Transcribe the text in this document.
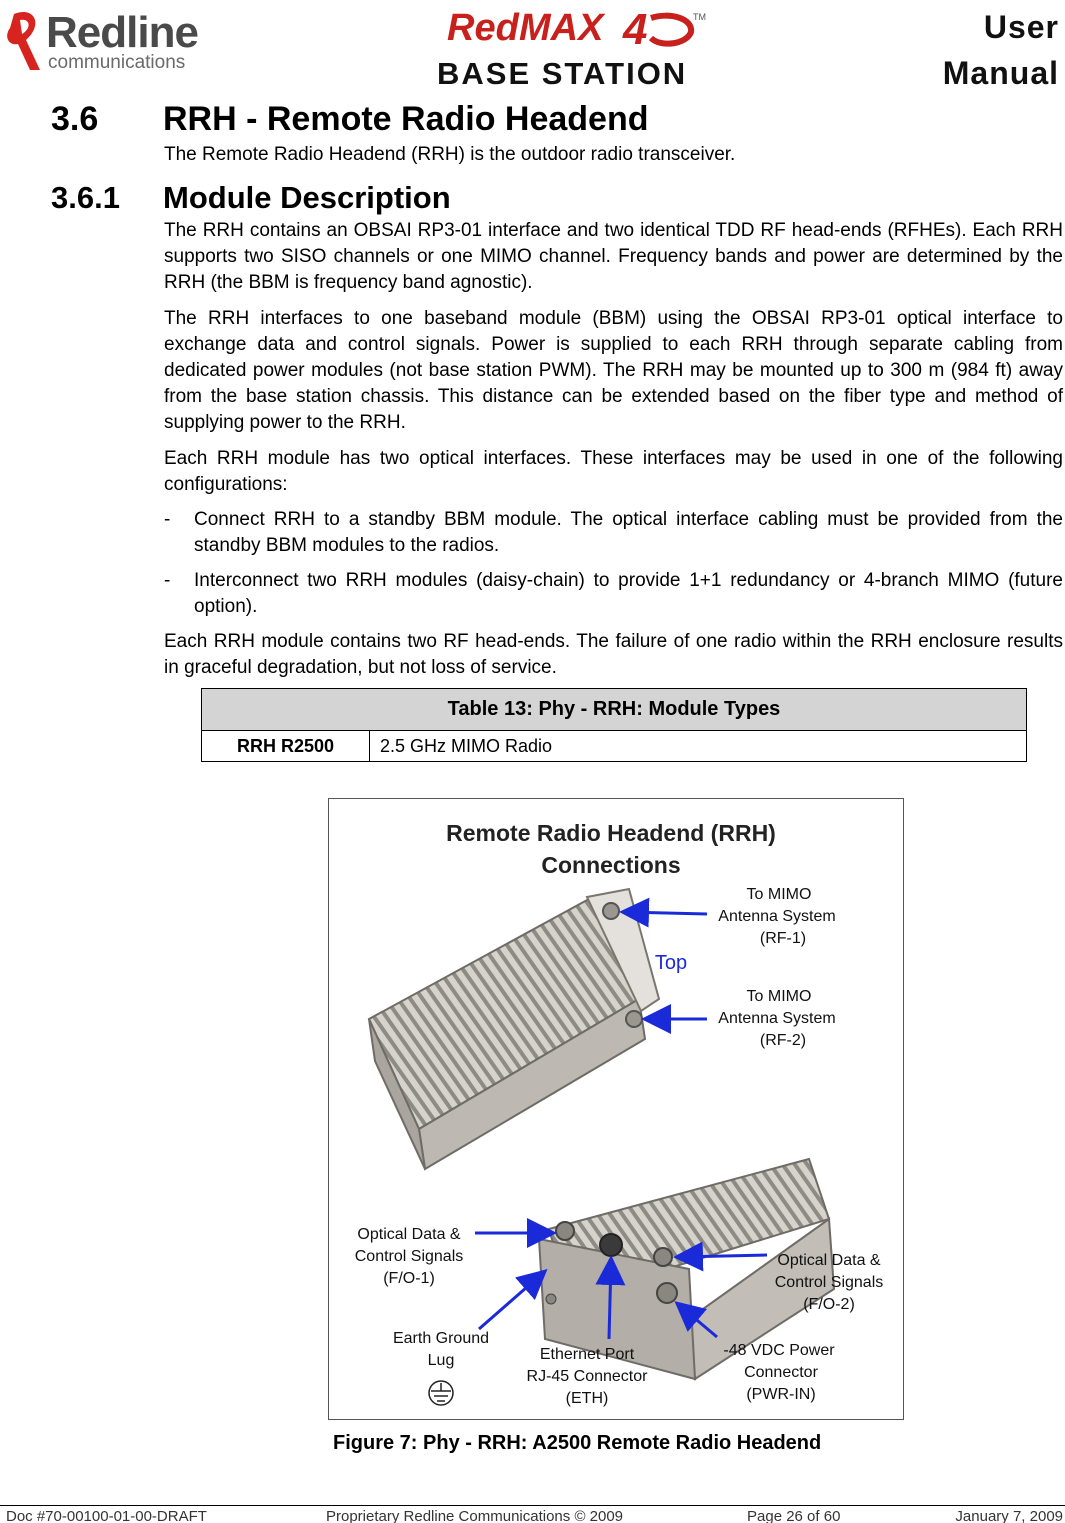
Redline
communications
Red MAX 4	TM
BASE STATION
User
Manual
3.6 RRH - Remote Radio Headend
The Remote Radio Headend (RRH) is the outdoor radio transceiver.
3.6.1 Module Description
The RRH contains an OBSAI RP3-01 interface and two identical TDD RF head-ends (RFHEs). Each RRH supports two SISO channels or one MIMO channel. Frequency bands and power are determined by the RRH (the BBM is frequency band agnostic).
The RRH interfaces to one baseband module (BBM) using the OBSAI RP3-01 optical interface to exchange data and control signals. Power is supplied to each RRH through separate cabling from dedicated power modules (not base station PWM). The RRH may be mounted up to 300 m (984 ft) away from the base station chassis. This distance can be extended based on the fiber type and method of supplying power to the RRH.
Each RRH module has two optical interfaces. These interfaces may be used in one of the following configurations:
- Connect RRH to a standby BBM module. The optical interface cabling must be provided from the standby BBM modules to the radios.
- Interconnect two RRH modules (daisy-chain) to provide 1+1 redundancy or 4-branch MIMO (future option).
Each RRH module contains two RF head-ends. The failure of one radio within the RRH enclosure results in graceful degradation, but not loss of service.
Table 13: Phy - RRH: Module Types
RRH R2500	2.5 GHz MIMO Radio
Remote Radio Headend (RRH)
Connections
To MIMO
Antenna System
(RF-1)
Top
To MIMO
Antenna System
(RF-2)
Optical Data &
Control Signals
(F/O-1)
Optical Data &
Control Signals
(F/O-2)
Earth Ground
Lug	Ethernet Port
RJ-45 Connector
(ETH)
-48 VDC Power
Connector
(PWR-IN)
Figure 7: Phy - RRH: A2500 Remote Radio Headend
Doc #70-00100-01-00-DRAFT	Proprietary Redline Communications © 2009	Page 26 of 60	January 7, 2009
